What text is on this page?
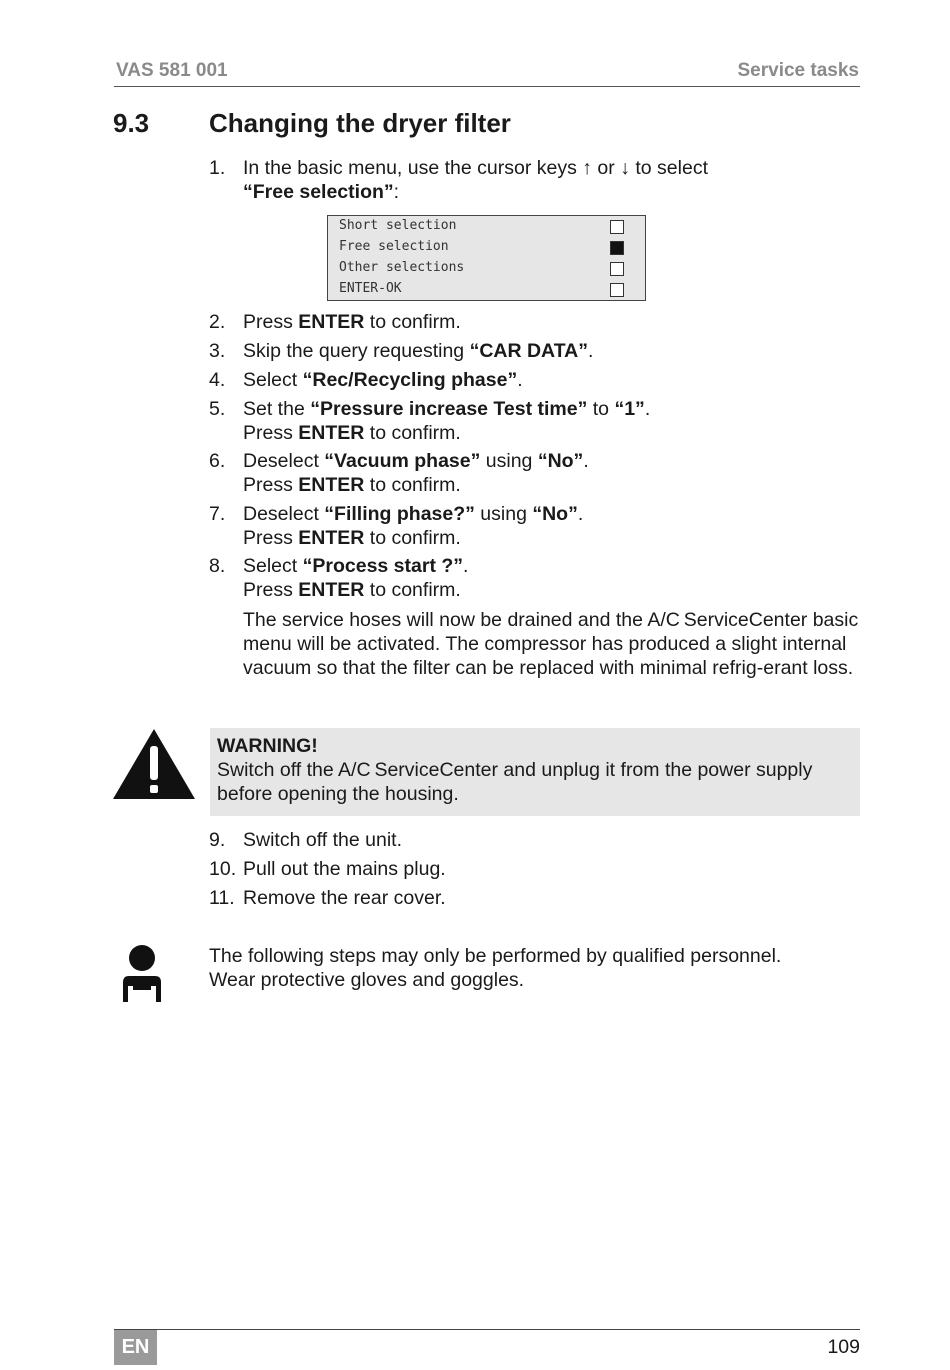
VAS 581 001	Service tasks
9.3 Changing the dryer filter
1. In the basic menu, use the cursor keys ↑ or ↓ to select
“Free selection”:
Short selection
Free selection
Other selections
ENTER-OK
2. Press ENTER to confirm.
3. Skip the query requesting “CAR DATA”.
4. Select “Rec/Recycling phase”.
5. Set the “Pressure increase Test time” to “1”.
Press ENTER to confirm.
6. Deselect “Vacuum phase” using “No”.
Press ENTER to confirm.
7. Deselect “Filling phase?” using “No”.
Press ENTER to confirm.
8. Select “Process start ?”.
Press ENTER to confirm.
The service hoses will now be drained and the A/C ServiceCenter basic menu will be activated. The compressor has produced a slight internal vacuum so that the filter can be replaced with minimal refrig-erant loss.
WARNING!
Switch off the A/C ServiceCenter and unplug it from the power supply before opening the housing.
9. Switch off the unit.
10. Pull out the mains plug.
11. Remove the rear cover.
The following steps may only be performed by qualified personnel.
Wear protective gloves and goggles.
EN	109
